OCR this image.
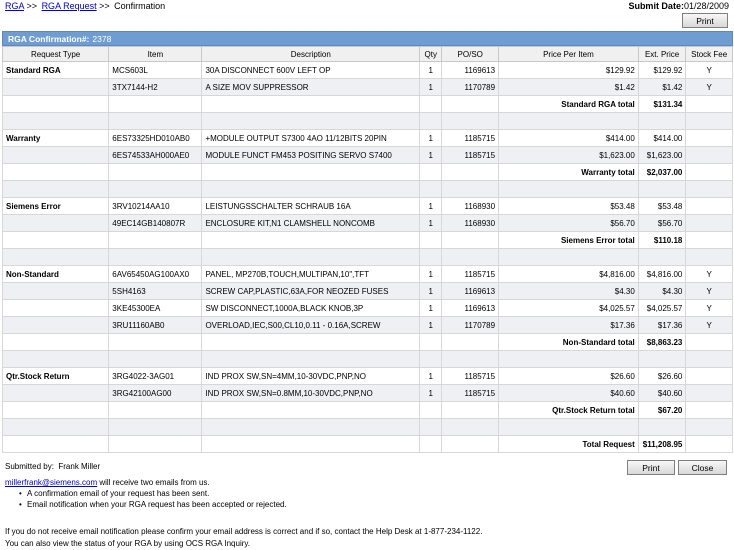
RGA >> RGA Request >> Confirmation	Submit Date:01/28/2009
Print
RGA Confirmation#: 2378
Request Type	Item	Description	Qty	PO/SO	Price Per Item	Ext. Price	Stock Fee
Standard RGA	MCS603L	30A DISCONNECT 600V LEFT OP	1	1169613	$129.92	$129.92	Y
	3TX7144-H2	A SIZE MOV SUPPRESSOR	1	1170789	$1.42	$1.42	Y
					Standard RGA total	$131.34	

Warranty	6ES73325HD010AB0	+MODULE OUTPUT S7300 4AO 11/12BITS 20PIN	1	1185715	$414.00	$414.00	
	6ES74533AH000AE0	MODULE FUNCT FM453 POSITING SERVO S7400	1	1185715	$1,623.00	$1,623.00	
					Warranty total	$2,037.00	

Siemens Error	3RV10214AA10	LEISTUNGSSCHALTER SCHRAUB 16A	1	1168930	$53.48	$53.48	
	49EC14GB140807R	ENCLOSURE KIT,N1 CLAMSHELL NONCOMB	1	1168930	$56.70	$56.70	
					Siemens Error total	$110.18	

Non-Standard	6AV65450AG100AX0	PANEL, MP270B,TOUCH,MULTIPAN,10",TFT	1	1185715	$4,816.00	$4,816.00	Y
	5SH4163	SCREW CAP,PLASTIC,63A,FOR NEOZED FUSES	1	1169613	$4.30	$4.30	Y
	3KE45300EA	SW DISCONNECT,1000A,BLACK KNOB,3P	1	1169613	$4,025.57	$4,025.57	Y
	3RU11160AB0	OVERLOAD,IEC,S00,CL10,0.11 - 0.16A,SCREW	1	1170789	$17.36	$17.36	Y
					Non-Standard total	$8,863.23	

Qtr.Stock Return	3RG4022-3AG01	IND PROX SW,SN=4MM,10-30VDC,PNP,NO	1	1185715	$26.60	$26.60	
	3RG42100AG00	IND PROX SW,SN=0.8MM,10-30VDC,PNP,NO	1	1185715	$40.60	$40.60	
					Qtr.Stock Return total	$67.20	

					Total Request	$11,208.95	
Submitted by: Frank Miller
millerfrank@siemens.com will receive two emails from us.
• A confirmation email of your request has been sent.
• Email notification when your RGA request has been accepted or rejected.
If you do not receive email notification please confirm your email address is correct and if so, contact the Help Desk at 1-877-234-1122.
You can also view the status of your RGA by using OCS RGA Inquiry.
Print	Close
